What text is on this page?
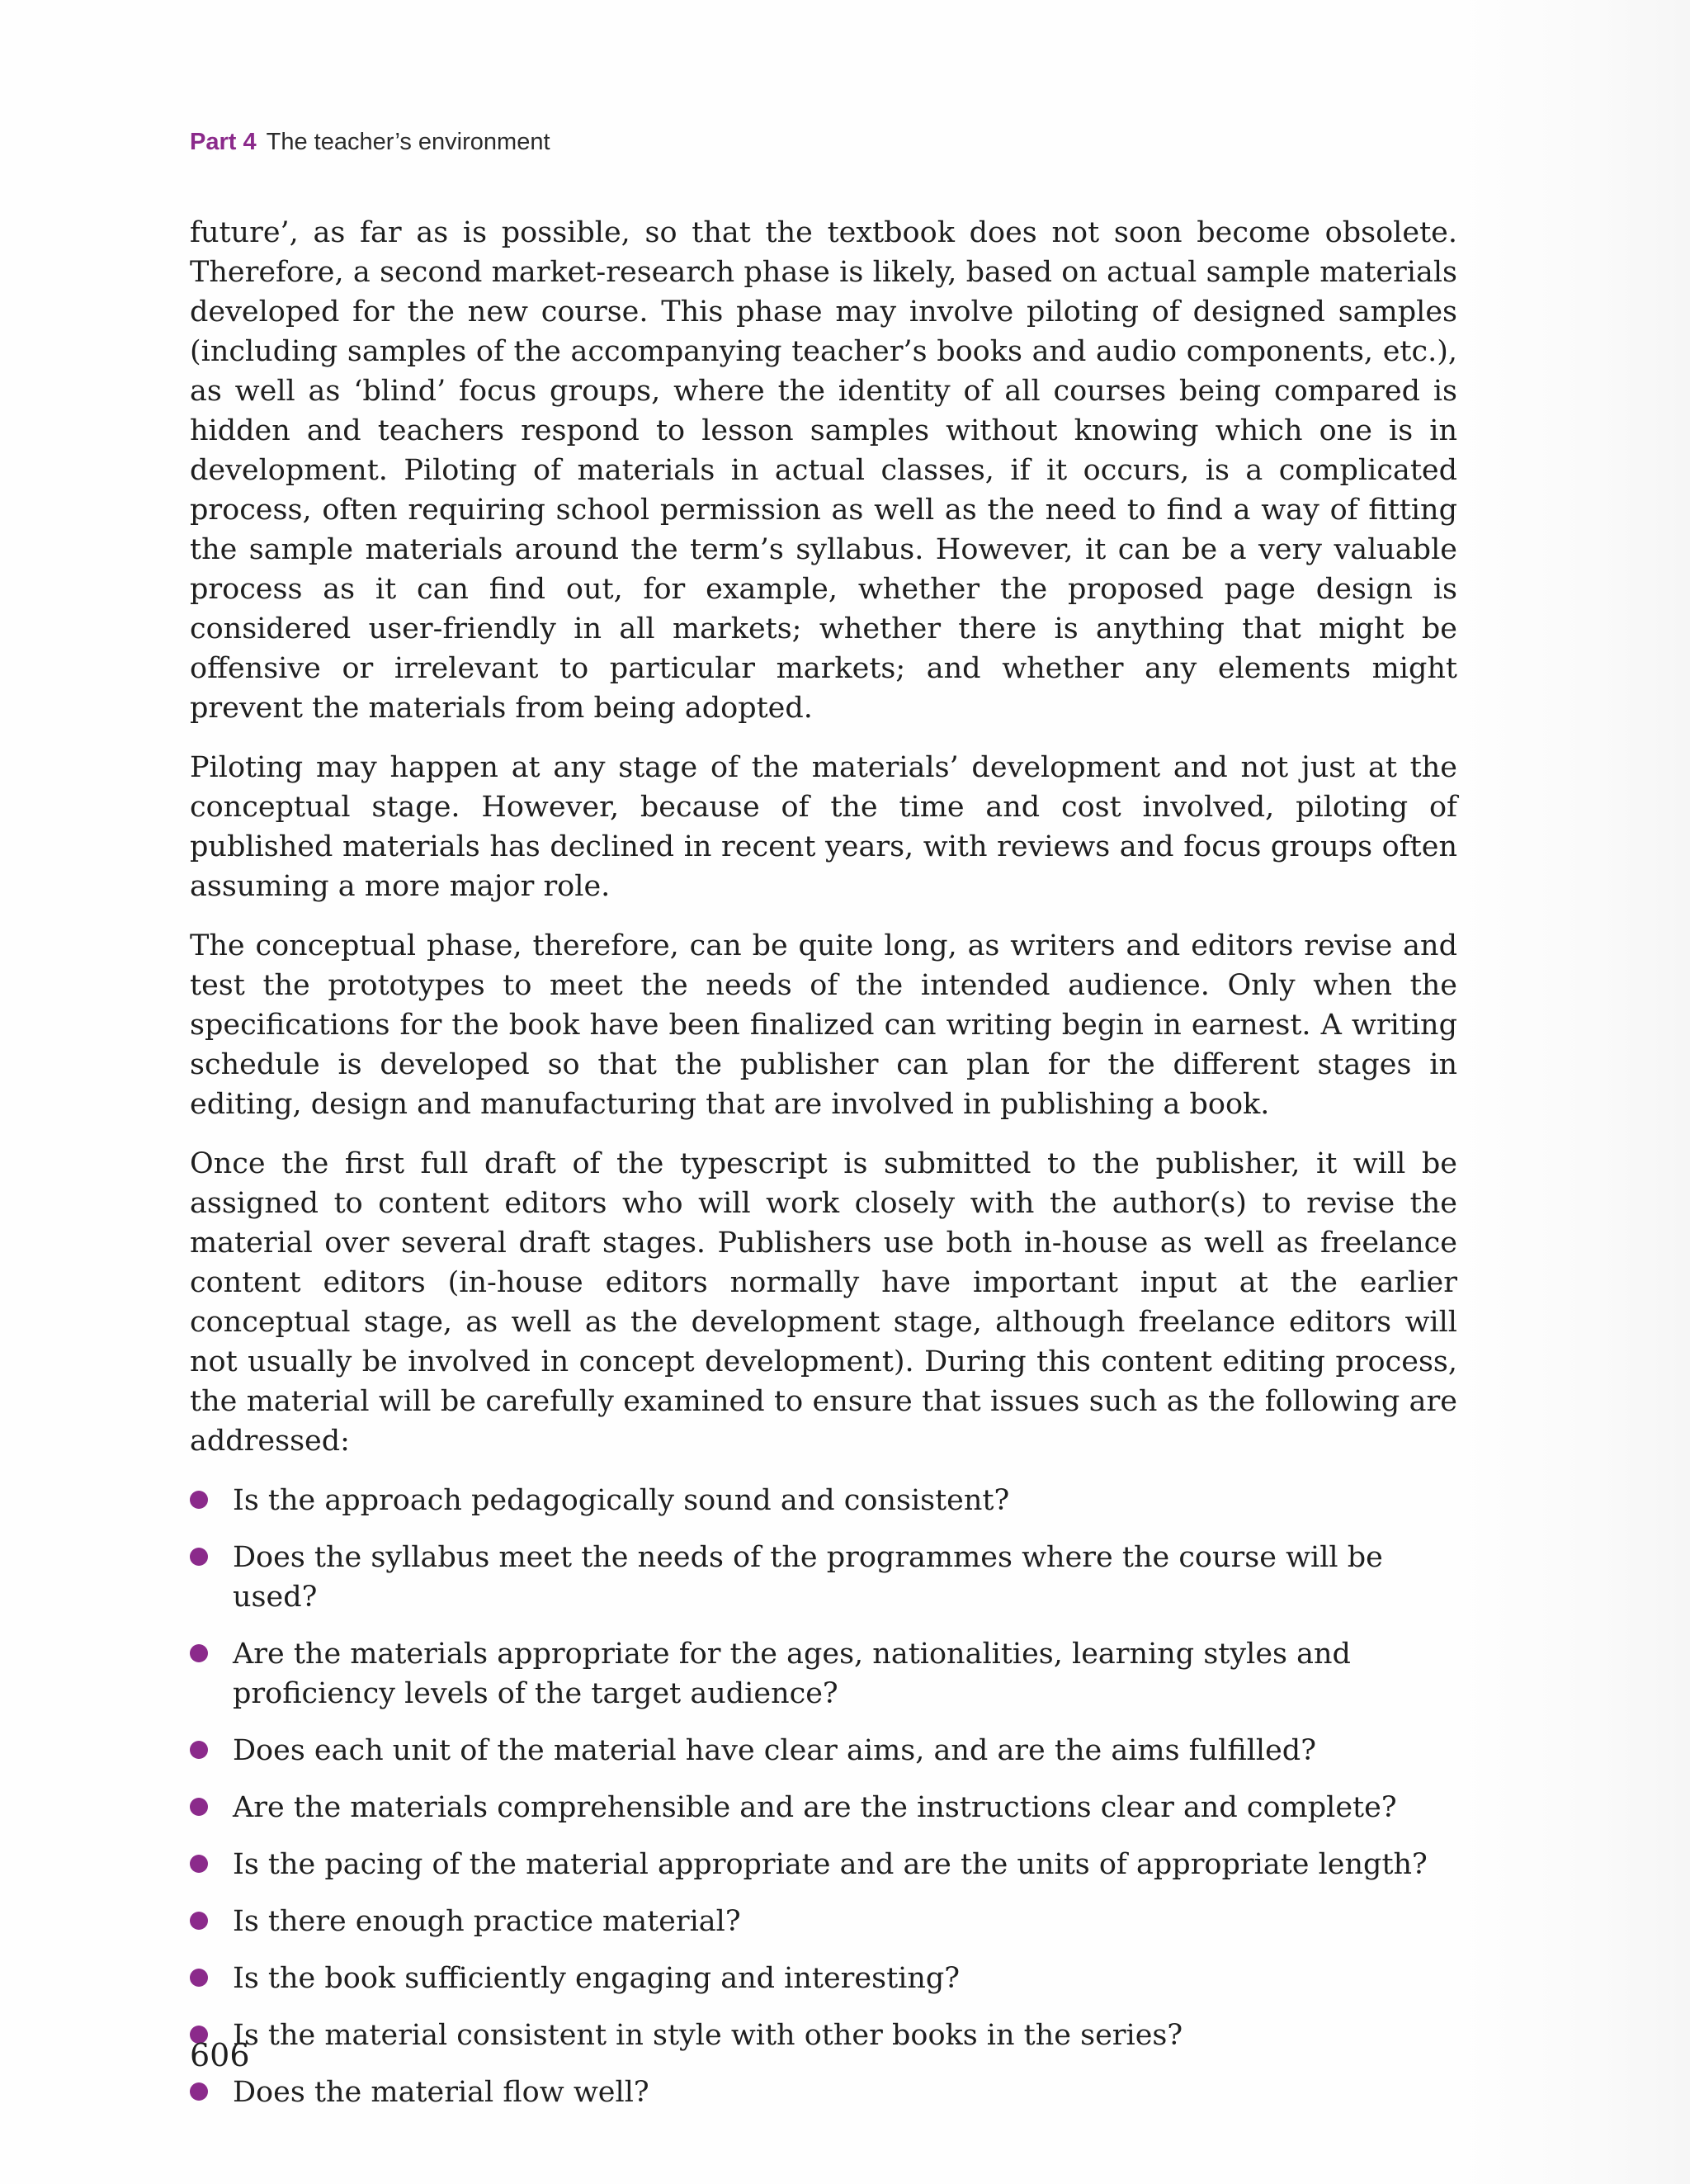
Part 4 The teacher’s environment

future’, as far as is possible, so that the textbook does not soon become obsolete. Therefore, a second market-research phase is likely, based on actual sample materials developed for the new course. This phase may involve piloting of designed samples (including samples of the accompanying teacher’s books and audio components, etc.), as well as ‘blind’ focus groups, where the identity of all courses being compared is hidden and teachers respond to lesson samples without knowing which one is in development. Piloting of materials in actual classes, if it occurs, is a complicated process, often requiring school permission as well as the need to find a way of fitting the sample materials around the term’s syllabus. However, it can be a very valuable process as it can find out, for example, whether the proposed page design is considered user-friendly in all markets; whether there is anything that might be offensive or irrelevant to particular markets; and whether any elements might prevent the materials from being adopted.

Piloting may happen at any stage of the materials’ development and not just at the conceptual stage. However, because of the time and cost involved, piloting of published materials has declined in recent years, with reviews and focus groups often assuming a more major role.

The conceptual phase, therefore, can be quite long, as writers and editors revise and test the prototypes to meet the needs of the intended audience. Only when the specifications for the book have been finalized can writing begin in earnest. A writing schedule is developed so that the publisher can plan for the different stages in editing, design and manufacturing that are involved in publishing a book.

Once the first full draft of the typescript is submitted to the publisher, it will be assigned to content editors who will work closely with the author(s) to revise the material over several draft stages. Publishers use both in-house as well as freelance content editors (in-house editors normally have important input at the earlier conceptual stage, as well as the development stage, although freelance editors will not usually be involved in concept development). During this content editing process, the material will be carefully examined to ensure that issues such as the following are addressed:

Is the approach pedagogically sound and consistent?
Does the syllabus meet the needs of the programmes where the course will be used?
Are the materials appropriate for the ages, nationalities, learning styles and proficiency levels of the target audience?
Does each unit of the material have clear aims, and are the aims fulfilled?
Are the materials comprehensible and are the instructions clear and complete?
Is the pacing of the material appropriate and are the units of appropriate length?
Is there enough practice material?
Is the book sufficiently engaging and interesting?
Is the material consistent in style with other books in the series?
Does the material flow well?
606
